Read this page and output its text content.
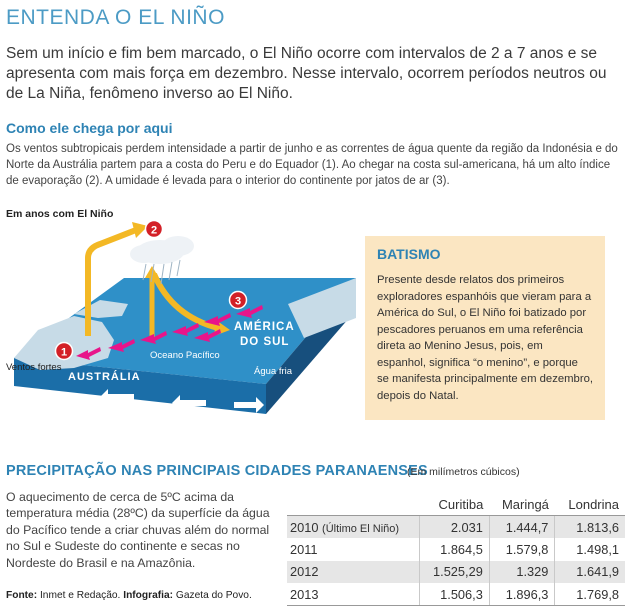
ENTENDA O EL NIÑO

Sem um início e fim bem marcado, o El Niño ocorre com intervalos de 2 a 7 anos e se apresenta com mais força em dezembro. Nesse intervalo, ocorrem períodos neutros ou de La Niña, fenômeno inverso ao El Niño.

Como ele chega por aqui

Os ventos subtropicais perdem intensidade a partir de junho e as correntes de água quente da região da Indonésia e do Norte da Austrália partem para a costa do Peru e do Equador (1). Ao chegar na costa sul-americana, há um alto índice de evaporação (2). A umidade é levada para o interior do continente por jatos de ar (3).

Em anos com El Niño
1
2
3
Ventos fortes
AUSTRÁLIA
Oceano Pacífico
AMÉRICA
DO SUL
Água fria
Água
quente
BATISMO

Presente desde relatos dos primeiros exploradores espanhóis que vieram para a América do Sul, o El Niño foi batizado por pescadores peruanos em uma referência direta ao Menino Jesus, pois, em espanhol, significa “o menino”, e porque se manifesta principalmente em dezembro, depois do Natal.

PRECIPITAÇÃO NAS PRINCIPAIS CIDADES PARANAENSES
(Em milímetros cúbicos)

O aquecimento de cerca de 5ºC acima da temperatura média (28ºC) da superfície da água do Pacífico tende a criar chuvas além do normal no Sul e Sudeste do continente e secas no Nordeste do Brasil e na Amazônia.

Fonte: Inmet e Redação. Infografia: Gazeta do Povo.
	Curitiba	Maringá	Londrina
2010 (Último El Niño)	2.031	1.444,7	1.813,6
2011	1.864,5	1.579,8	1.498,1
2012	1.525,29	1.329	1.641,9
2013	1.506,3	1.896,3	1.769,8
